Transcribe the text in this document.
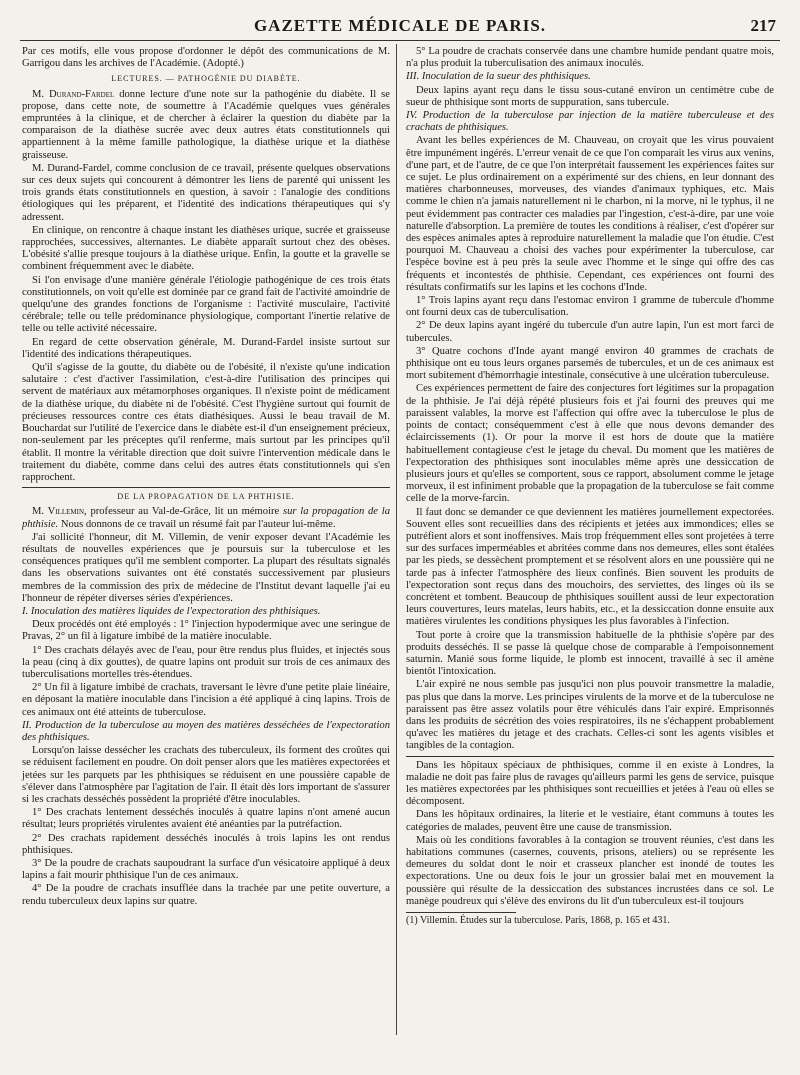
GAZETTE MÉDICALE DE PARIS.	217

Par ces motifs, elle vous propose d'ordonner le dépôt des communications de M. Garrigou dans les archives de l'Académie. (Adopté.)

LECTURES. — PATHOGÉNIE DU DIABÈTE.

M. Durand-Fardel donne lecture d'une note sur la pathogénie du diabète. Il se propose, dans cette note, de soumettre à l'Académie quelques vues générales empruntées à la clinique, et de chercher à éclairer la question du diabète par la comparaison de la diathèse sucrée avec deux autres états constitutionnels qui appartiennent à la même famille pathologique, la diathèse urique et la diathèse graisseuse.

M. Durand-Fardel, comme conclusion de ce travail, présente quelques observations sur ces deux sujets qui concourent à démontrer les liens de parenté qui unissent les trois grands états constitutionnels en question, à savoir : l'analogie des conditions étiologiques qui les préparent, et l'identité des indications thérapeutiques qui s'y adressent.

En clinique, on rencontre à chaque instant les diathèses urique, sucrée et graisseuse rapprochées, successives, alternantes. Le diabète apparaît surtout chez des obèses. L'obésité s'allie presque toujours à la diathèse urique. Enfin, la goutte et la gravelle se combinent fréquemment avec le diabète.

Si l'on envisage d'une manière générale l'étiologie pathogénique de ces trois états constitutionnels, on voit qu'elle est dominée par ce grand fait de l'activité amoindrie de quelqu'une des grandes fonctions de l'organisme : l'activité musculaire, l'activité cérébrale; telle ou telle prédominance physiologique, comportant l'inertie relative de telle ou telle activité nécessaire.

En regard de cette observation générale, M. Durand-Fardel insiste surtout sur l'identité des indications thérapeutiques.

Qu'il s'agisse de la goutte, du diabète ou de l'obésité, il n'existe qu'une indication salutaire : c'est d'activer l'assimilation, c'est-à-dire l'utilisation des principes qui servent de matériaux aux métamorphoses organiques. Il n'existe point de médicament de la diathèse urique, du diabète ni de l'obésité. C'est l'hygiène surtout qui fournit de précieuses ressources contre ces états diathésiques. Aussi le beau travail de M. Bouchardat sur l'utilité de l'exercice dans le diabète est-il d'un enseignement précieux, non-seulement par les préceptes qu'il renferme, mais surtout par les principes qu'il établit. Il montre la véritable direction que doit suivre l'intervention médicale dans le traitement du diabète, comme dans celui des autres états constitutionnels qui s'en rapprochent.

DE LA PROPAGATION DE LA PHTHISIE.

M. Villemin, professeur au Val-de-Grâce, lit un mémoire sur la propagation de la phthisie. Nous donnons de ce travail un résumé fait par l'auteur lui-même.

J'ai sollicité l'honneur, dit M. Villemin, de venir exposer devant l'Académie les résultats de nouvelles expériences que je poursuis sur la tuberculose et les conséquences pratiques qu'il me semblent comporter. La plupart des résultats signalés dans les observations suivantes ont été constatés successivement par plusieurs membres de la commission des prix de médecine de l'Institut devant laquelle j'ai eu l'honneur de répéter diverses séries d'expériences.

I. Inoculation des matières liquides de l'expectoration des phthisiques.

Deux procédés ont été employés : 1° l'injection hypodermique avec une seringue de Pravas, 2° un fil à ligature imbibé de la matière inoculable.

1° Des crachats délayés avec de l'eau, pour être rendus plus fluides, et injectés sous la peau (cinq à dix gouttes), de quatre lapins ont produit sur trois de ces animaux des tuberculisations mortelles très-étendues.

2° Un fil à ligature imbibé de crachats, traversant le lèvre d'une petite plaie linéaire, en déposant la matière inoculable dans l'incision a été appliqué à cinq lapins. Trois de ces animaux ont été atteints de tuberculose.

II. Production de la tuberculose au moyen des matières desséchées de l'expectoration des phthisiques.

Lorsqu'on laisse dessécher les crachats des tuberculeux, ils forment des croûtes qui se réduisent facilement en poudre. On doit penser alors que les matières expectorées et jetées sur les parquets par les phthisiques se réduisent en une poussière capable de s'élever dans l'atmosphère par l'agitation de l'air. Il était dès lors important de s'assurer si les crachats desséchés possèdent la propriété d'être inoculables.

1° Des crachats lentement desséchés inoculés à quatre lapins n'ont amené aucun résultat; leurs propriétés virulentes avaient été anéanties par la putréfaction.

2° Des crachats rapidement desséchés inoculés à trois lapins les ont rendus phthisiques.

3° De la poudre de crachats saupoudrant la surface d'un vésicatoire appliqué à deux lapins a fait mourir phthisique l'un de ces animaux.

4° De la poudre de crachats insufflée dans la trachée par une petite ouverture, a rendu tuberculeux deux lapins sur quatre.

5° La poudre de crachats conservée dans une chambre humide pendant quatre mois, n'a plus produit la tuberculisation des animaux inoculés.

III. Inoculation de la sueur des phthisiques.

Deux lapins ayant reçu dans le tissu sous-cutané environ un centimètre cube de sueur de phthisique sont morts de suppuration, sans tubercule.

IV. Production de la tuberculose par injection de la matière tuberculeuse et des crachats de phthisiques.

Avant les belles expériences de M. Chauveau, on croyait que les virus pouvaient être impunément ingérés. L'erreur venait de ce que l'on comparait les virus aux venins, d'une part, et de l'autre, de ce que l'on interprétait faussement les expériences faites sur ce sujet. Le plus ordinairement on a expérimenté sur des chiens, en leur donnant des matières charbonneuses, morveuses, des viandes d'animaux typhiques, etc. Mais comme le chien n'a jamais naturellement ni le charbon, ni la morve, ni le typhus, il ne peut évidemment pas contracter ces maladies par l'ingestion, c'est-à-dire, par une voie naturelle d'absorption. La première de toutes les conditions à réaliser, c'est d'opérer sur des espèces animales aptes à reproduire naturellement la maladie que l'on étudie. C'est pourquoi M. Chauveau a choisi des vaches pour expérimenter la tuberculose, car l'espèce bovine est à peu près la seule avec l'homme et le singe qui offre des cas fréquents et incontestés de phthisie. Cependant, ces expériences ont fourni des résultats confirmatifs sur les lapins et les cochons d'Inde.

1° Trois lapins ayant reçu dans l'estomac environ 1 gramme de tubercule d'homme ont fourni deux cas de tuberculisation.

2° De deux lapins ayant ingéré du tubercule d'un autre lapin, l'un est mort farci de tubercules.

3° Quatre cochons d'Inde ayant mangé environ 40 grammes de crachats de phthisique ont eu tous leurs organes parsemés de tubercules, et un de ces animaux est mort subitement d'hémorrhagie intestinale, consécutive à une ulcération tuberculeuse.

Ces expériences permettent de faire des conjectures fort légitimes sur la propagation de la phthisie. Je l'ai déjà répété plusieurs fois et j'ai fourni des preuves qui me paraissent valables, la morve est l'affection qui offre avec la tuberculose le plus de points de contact; conséquemment c'est à elle que nous devons demander des éclaircissements (1). Or pour la morve il est hors de doute que la matière habituellement contagieuse c'est le jetage du cheval. Du moment que les matières de l'expectoration des phthisiques sont inoculables même après une dessiccation de plusieurs jours et qu'elles se comportent, sous ce rapport, absolument comme le jetage morveux, il est infiniment probable que la propagation de la tuberculose se fait comme celle de la morve-farcin.

Il faut donc se demander ce que deviennent les matières journellement expectorées. Souvent elles sont recueillies dans des récipients et jetées aux immondices; elles se putréfient alors et sont inoffensives. Mais trop fréquemment elles sont projetées à terre sur des surfaces imperméables et abritées comme dans nos demeures, elles sont étalées par les pieds, se dessèchent promptement et se résolvent alors en une poussière qui ne tarde pas à infecter l'atmosphère des lieux confinés. Bien souvent les produits de l'expectoration sont reçus dans des mouchoirs, des serviettes, des linges où ils se concrètent et tombent. Beaucoup de phthisiques souillent aussi de leur expectoration leurs couvertures, leurs matelas, leurs habits, etc., et la dessiccation donne ensuite aux matières virulentes les conditions physiques les plus favorables à l'infection.

Tout porte à croire que la transmission habituelle de la phthisie s'opère par des produits desséchés. Il se passe là quelque chose de comparable à l'empoisonnement saturnin. Manié sous forme liquide, le plomb est innocent, travaillé à sec il amène bientôt l'intoxication.

L'air expiré ne nous semble pas jusqu'ici non plus pouvoir transmettre la maladie, pas plus que dans la morve. Les principes virulents de la morve et de la tuberculose ne paraissent pas être assez volatils pour être véhiculés dans l'air expiré. Emprisonnés dans les produits de sécrétion des voies respiratoires, ils ne s'échappent probablement qu'avec les matières du jetage et des crachats. Celles-ci sont les agents visibles et tangibles de la contagion.

Dans les hôpitaux spéciaux de phthisiques, comme il en existe à Londres, la maladie ne doit pas faire plus de ravages qu'ailleurs parmi les gens de service, puisque les matières expectorées par les phthisiques sont recueillies et jetées à l'eau où elles se décomposent.

Dans les hôpitaux ordinaires, la literie et le vestiaire, étant communs à toutes les catégories de malades, peuvent être une cause de transmission.

Mais où les conditions favorables à la contagion se trouvent réunies, c'est dans les habitations communes (casernes, couvents, prisons, ateliers) ou se représente les demeures du soldat dont le noir et crasseux plancher est inondé de toutes les expectorations. Une ou deux fois le jour un grossier balai met en mouvement la poussière qui résulte de la dessiccation des substances incrustées dans ce sol. Le manège poudreux qui s'élève des environs du lit d'un tuberculeux est-il toujours

(1) Villemin. Études sur la tuberculose. Paris, 1868, p. 165 et 431.
